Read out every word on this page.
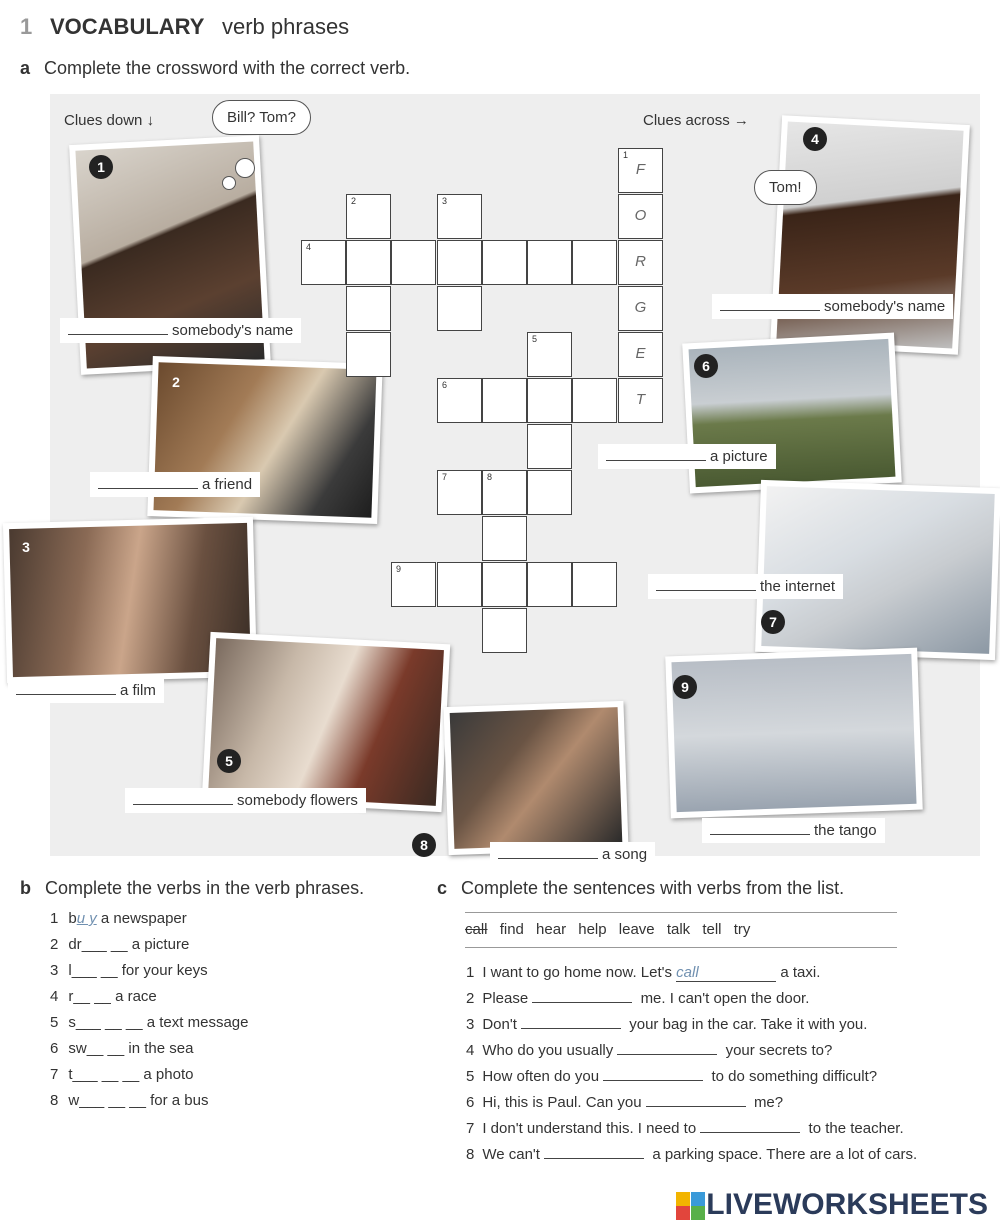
1 VOCABULARY verb phrases
a Complete the crossword with the correct verb.
Clues down ↓	Clues across →
1
Bill? Tom?
somebody's name
2
a friend
3
a film
4
Tom!
somebody's name
6
a picture
the internet
7
9
the tango
5
somebody flowers
8
a song
1
F
O
R
G
E
T
2	3
4
5
6
7	8
9
b Complete the verbs in the verb phrases.
1 bu y a newspaper
2 dr___ __ a picture
3 l___ __ for your keys
4 r__ __ a race
5 s___ __ __ a text message
6 sw__ __ in the sea
7 t___ __ __ a photo
8 w___ __ __ for a bus
c Complete the sentences with verbs from the list.
call find hear help leave talk tell try
1 I want to go home now. Let's call	a taxi.
2 Please	me. I can't open the door.
3 Don't	your bag in the car. Take it with you.
4 Who do you usually	your secrets to?
5 How often do you	to do something difficult?
6 Hi, this is Paul. Can you	me?
7 I don't understand this. I need to	to the teacher.
8 We can't	a parking space. There are a lot of cars.

LIVEWORKSHEETS
